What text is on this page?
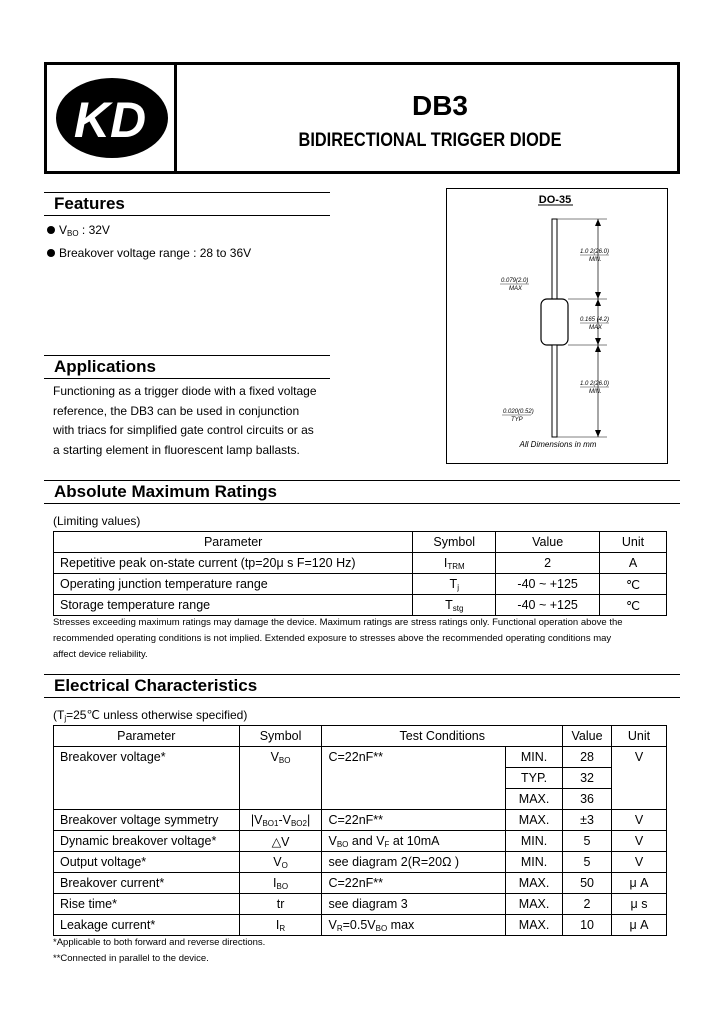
KD	DB3
BIDIRECTIONAL TRIGGER DIODE
Features
$V_{BO}$ : 32V
Breakover voltage range : 28 to 36V
DO-35
1.0 2(26.0)
MIN.
0.165 (4.2)
MAX
1.0 2(26.0)
MIN.
0.079(2.0)
MAX
0.020(0.52)
TYP
All Dimensions in mm
Applications
Functioning as a trigger diode with a fixed voltage
reference, the DB3 can be used in conjunction
with triacs for simplified gate control circuits or as
a starting element in fluorescent lamp ballasts.
Absolute Maximum Ratings
(Limiting values)
Parameter	Symbol	Value	Unit
Repetitive peak on-state current (tp=20μ s F=120 Hz)	$I_{TRM}$	2	A
Operating junction temperature range	$T_j$	-40 ~ +125	℃
Storage temperature range	$T_{stg}$	-40 ~ +125	℃
Stresses exceeding maximum ratings may damage the device. Maximum ratings are stress ratings only. Functional operation above the
recommended operating conditions is not implied. Extended exposure to stresses above the recommended operating conditions may
affect device reliability.
Electrical Characteristics
($T_j=25℃$ unless otherwise specified)
Parameter	Symbol	Test Conditions		Value	Unit
Breakover voltage*	$V_{BO}$	C=22nF**	MIN.	28	V
			TYP.	32	
			MAX.	36	
Breakover voltage symmetry	$|V_{BO1}-V_{BO2}|$	C=22nF**	MAX.	±3	V
Dynamic breakover voltage*	△V	$V_{BO}$ and $V_F$ at 10mA	MIN.	5	V
Output voltage*	$V_O$	see diagram 2(R=20Ω )	MIN.	5	V
Breakover current*	$I_{BO}$	C=22nF**	MAX.	50	μ A
Rise time*	tr	see diagram 3	MAX.	2	μ s
Leakage current*	$I_R$	$V_R=0.5V_{BO}$ max	MAX.	10	μ A
*Applicable to both forward and reverse directions.
**Connected in parallel to the device.
